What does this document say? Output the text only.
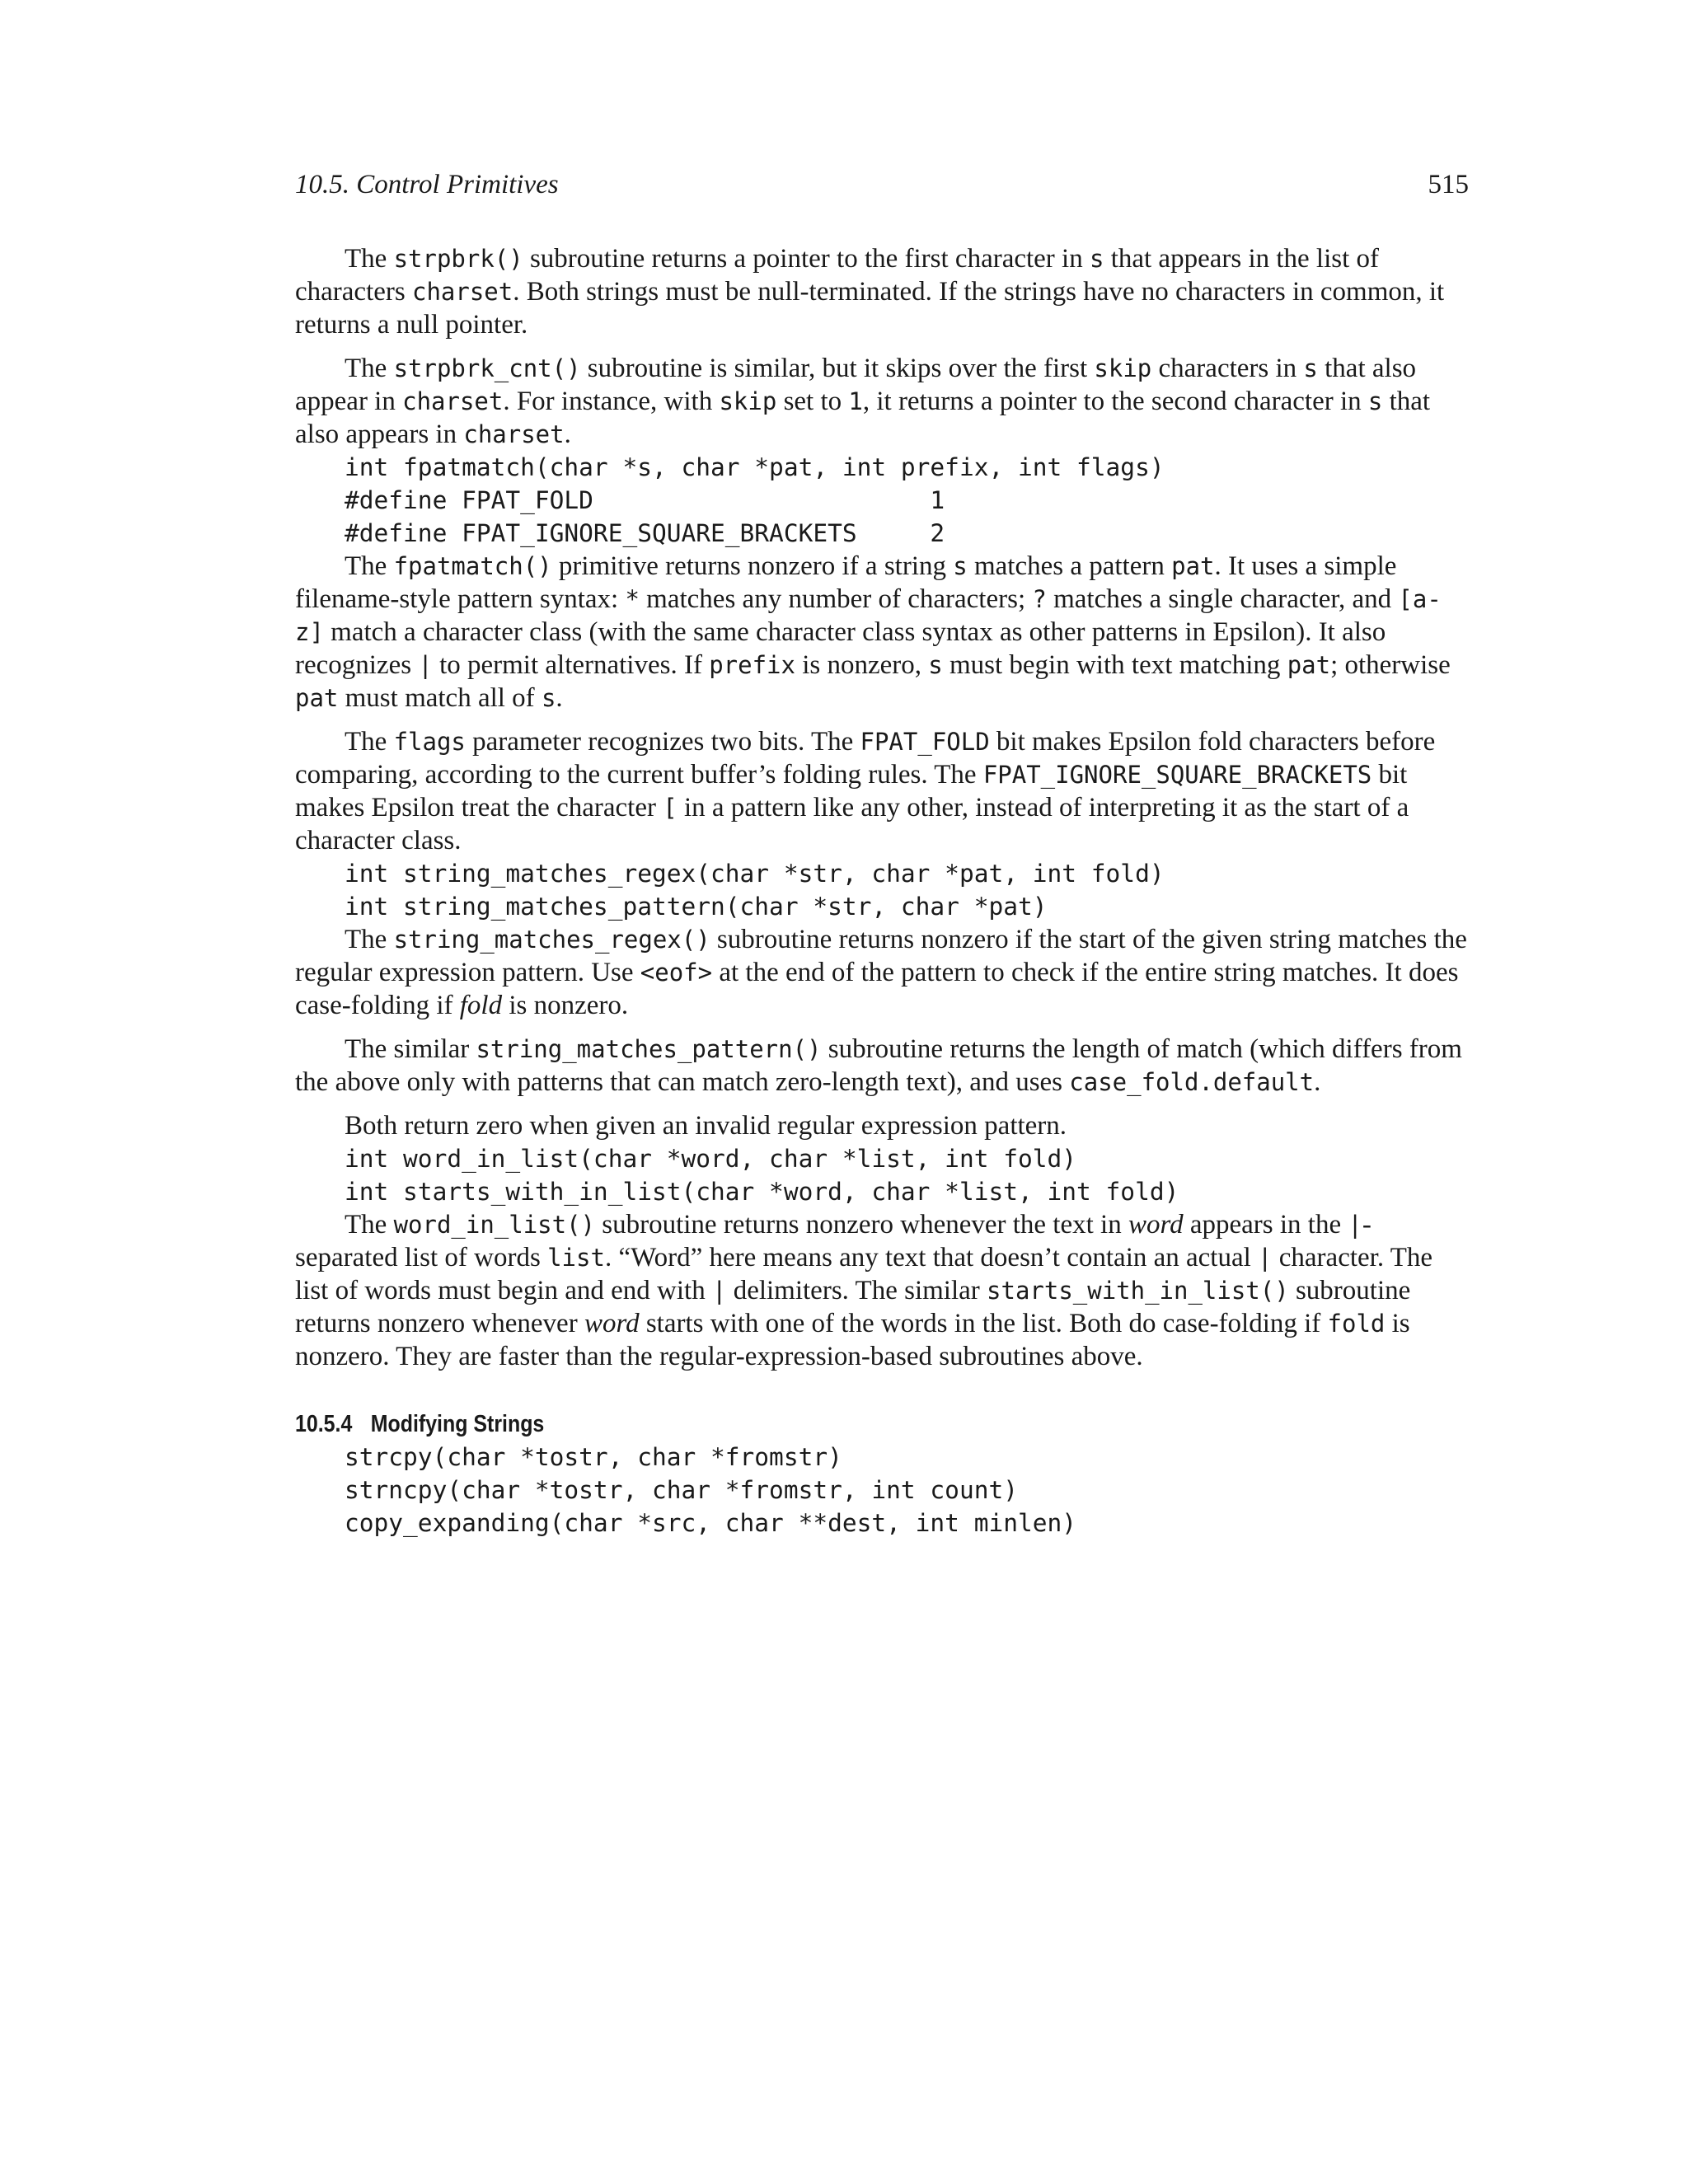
10.5. Control Primitives	515

The strpbrk() subroutine returns a pointer to the first character in s that appears in the list of characters charset. Both strings must be null-terminated. If the strings have no characters in common, it returns a null pointer.

The strpbrk_cnt() subroutine is similar, but it skips over the first skip characters in s that also appear in charset. For instance, with skip set to 1, it returns a pointer to the second character in s that also appears in charset.

int fpatmatch(char *s, char *pat, int prefix, int flags)
#define FPAT_FOLD                       1
#define FPAT_IGNORE_SQUARE_BRACKETS     2

The fpatmatch() primitive returns nonzero if a string s matches a pattern pat. It uses a simple filename-style pattern syntax: * matches any number of characters; ? matches a single character, and [a-z] match a character class (with the same character class syntax as other patterns in Epsilon). It also recognizes | to permit alternatives. If prefix is nonzero, s must begin with text matching pat; otherwise pat must match all of s.

The flags parameter recognizes two bits. The FPAT_FOLD bit makes Epsilon fold characters before comparing, according to the current buffer’s folding rules. The FPAT_IGNORE_SQUARE_BRACKETS bit makes Epsilon treat the character [ in a pattern like any other, instead of interpreting it as the start of a character class.

int string_matches_regex(char *str, char *pat, int fold)
int string_matches_pattern(char *str, char *pat)

The string_matches_regex() subroutine returns nonzero if the start of the given string matches the regular expression pattern. Use <eof> at the end of the pattern to check if the entire string matches. It does case-folding if fold is nonzero.

The similar string_matches_pattern() subroutine returns the length of match (which differs from the above only with patterns that can match zero-length text), and uses case_fold.default.

Both return zero when given an invalid regular expression pattern.

int word_in_list(char *word, char *list, int fold)
int starts_with_in_list(char *word, char *list, int fold)

The word_in_list() subroutine returns nonzero whenever the text in word appears in the |-separated list of words list. “Word” here means any text that doesn’t contain an actual | character. The list of words must begin and end with | delimiters. The similar starts_with_in_list() subroutine returns nonzero whenever word starts with one of the words in the list. Both do case-folding if fold is nonzero. They are faster than the regular-expression-based subroutines above.

10.5.4 Modifying Strings
strcpy(char *tostr, char *fromstr)
strncpy(char *tostr, char *fromstr, int count)
copy_expanding(char *src, char **dest, int minlen)
